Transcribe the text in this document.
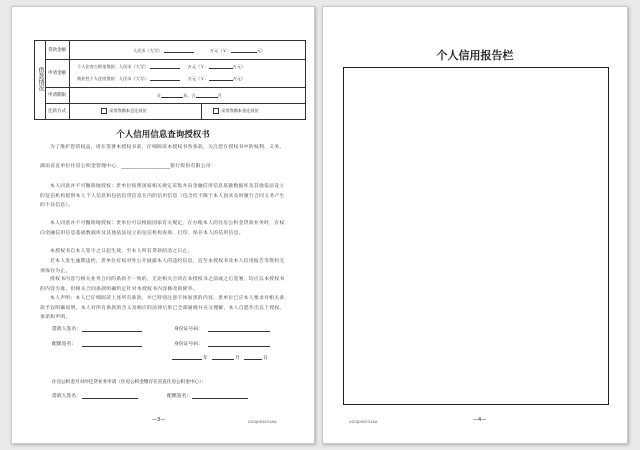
借款情况
贷款金额	人民币（大写）：	万元（￥：	元）
申请金额
个人住房公积金贷款：人民币（大写）：	万元（￥：	万元）
商业性个人住房贷款：人民币（大写）：	万元（￥：	万元）
申请期限	计	年，合	月
还款方式	采用等额本息还款法	采用等额本金还款法
个人信用信息查询授权书
为了维护您的权益，请在签署本授权书前，仔细阅读本授权书各条款，关注您在授权书中的权利、义务。
湖南省直单位住房公积金管理中心、__________________银行股份有限公司：
本人同意并不可撤销地授权：贵单位按照国家相关规定采集并向金融信用信息基础数据库及其他依法设立的征信机构提供本人个人信息和包括信贷信息在内的信用信息（包含但不限于本人因未及时履行合同义务产生的不良信息）。
本人同意并不可撤销地授权：贵单位可以根据国家有关规定，在办理本人的住房公积金贷款业务时，有权向金融信用信息基础数据库及其他依法设立的征信机构查询、打印、保存本人的信用信息。
本授权书自本人签字之日起生效，至本人所有贷款结清之日止。
若本人发生逾期违约，贵单位有权对外公开披露本人的违约信息，直至本授权书及本人信用报告等资料无须保存为止。
授权书内容与相关业务合同的条款不一致的，无论相关合同在本授权书之前或之后签署，均应以本授权书的内容为准。但相关合同条款明确约定针对本授权书内容修改的除外。
本人声明：本人已仔细阅读上述所有条款，并已特别注意字体加黑的内容。贵单位已应本人要求对相关条款予以明确说明。本人对所有条款的含义及相应的法律后果已全部通晓并充分理解，本人自愿作出以上授权、承诺和声明。
借款人签名：	身份证号码：
配偶签名：	身份证号码：
年	月	日
住房公积金月对冲还贷业务申请（住房公积金缴存在省直住房公积金中心）：
借款人签名：	配偶签名：
—3—	XZGJJHD0318A
个人信用报告栏
XZGJJHD0318A	—4—
